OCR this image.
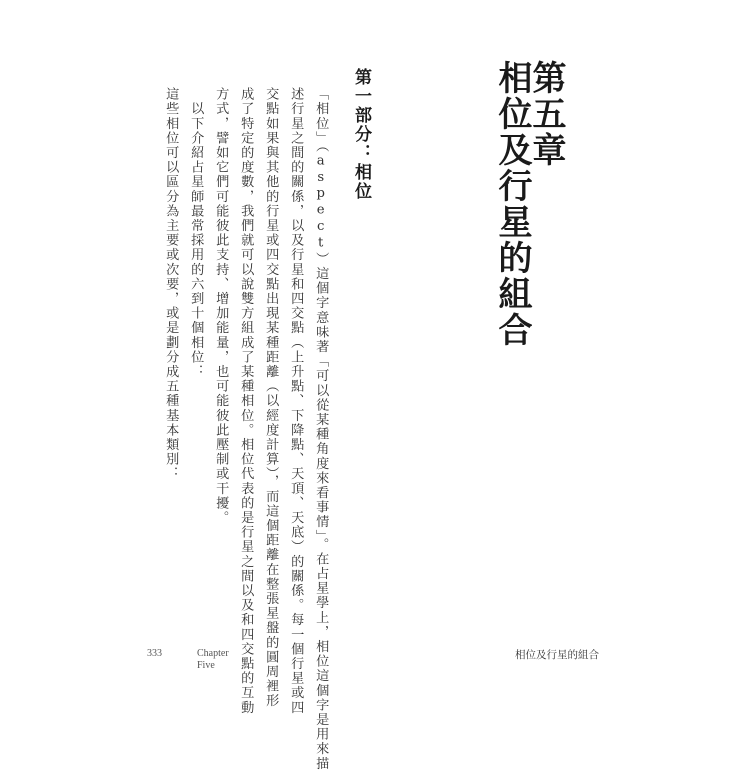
第五章
相位及行星的組合
第一部分：相位

「相位」（aspect）這個字意味著「可以從某種角度來看事情」。在占星學上，相位這個字是用來描

述行星之間的關係，以及行星和四交點（上升點、下降點、天頂、天底）的關係。每一個行星或四

交點如果與其他的行星或四交點出現某種距離（以經度計算），而這個距離在整張星盤的圓周裡形

成了特定的度數，我們就可以說雙方組成了某種相位。相位代表的是行星之間以及和四交點的互動

方式，譬如它們可能彼此支持、增加能量，也可能彼此壓制或干擾。

　以下介紹占星師最常採用的六到十個相位：

這些相位可以區分為主要或次要，或是劃分成五種基本類別：

333	Chapter
Five
相位及行星的組合
